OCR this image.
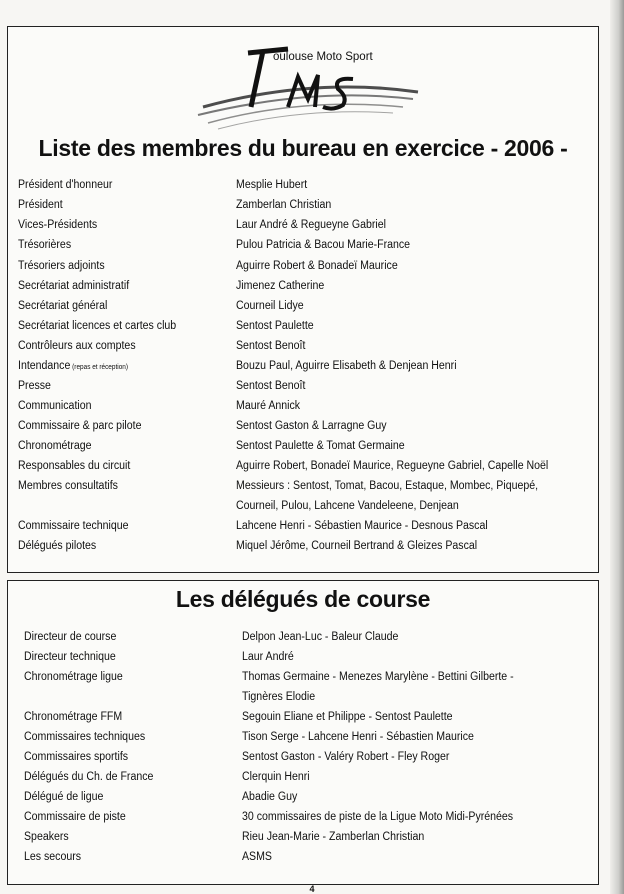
oulouse Moto Sport
Liste des membres du bureau en exercice - 2006 -
Les délégués de course
Président d'honneur	Mesplie Hubert
Président	Zamberlan Christian
Vices-Présidents	Laur André & Regueyne Gabriel
Trésorières	Pulou Patricia & Bacou Marie-France
Trésoriers adjoints	Aguirre Robert & Bonadeï Maurice
Secrétariat administratif	Jimenez Catherine
Secrétariat général	Courneil Lidye
Secrétariat licences et cartes club	Sentost Paulette
Contrôleurs aux comptes	Sentost Benoît
Intendance (repas et réception)	Bouzu Paul, Aguirre Elisabeth & Denjean Henri
Presse	Sentost Benoît
Communication	Mauré Annick
Commissaire & parc pilote	Sentost Gaston & Larragne Guy
Chronométrage	Sentost Paulette & Tomat Germaine
Responsables du circuit	Aguirre Robert, Bonadeï Maurice, Regueyne Gabriel, Capelle Noël
Membres consultatifs	Messieurs : Sentost, Tomat, Bacou, Estaque, Mombec, Piquepé,
Courneil, Pulou, Lahcene Vandeleene, Denjean
Commissaire technique	Lahcene Henri - Sébastien Maurice - Desnous Pascal
Délégués pilotes	Miquel Jérôme, Courneil Bertrand & Gleizes Pascal
Directeur de course	Delpon Jean-Luc - Baleur Claude
Directeur technique	Laur André
Chronométrage ligue	Thomas Germaine - Menezes Marylène - Bettini Gilberte -
Tignères Elodie
Chronométrage FFM	Segouin Eliane et Philippe - Sentost Paulette
Commissaires techniques	Tison Serge - Lahcene Henri - Sébastien Maurice
Commissaires sportifs	Sentost Gaston - Valéry Robert - Fley Roger
Délégués du Ch. de France	Clerquin Henri
Délégué de ligue	Abadie Guy
Commissaire de piste	30 commissaires de piste de la Ligue Moto Midi-Pyrénées
Speakers	Rieu Jean-Marie - Zamberlan Christian
Les secours	ASMS
4
